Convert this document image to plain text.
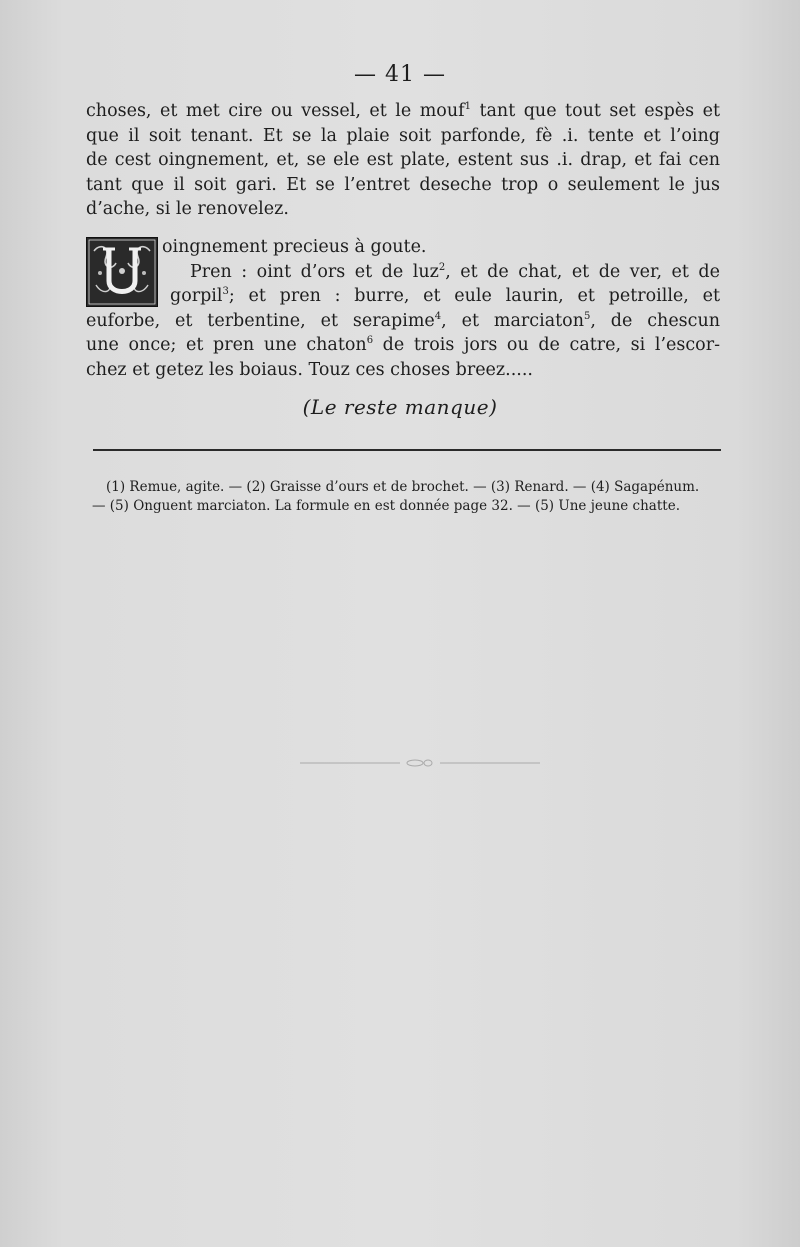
— 41 —
choses, et met cire ou vessel, et le mouf$^1$ tant que tout set espès et
que il soit tenant. Et se la plaie soit parfonde, fè .i. tente et l’oing
de cest oingnement, et, se ele est plate, estent sus .i. drap, et fai cen
tant que il soit gari. Et se l’entret deseche trop o seulement le jus
d’ache, si le renovelez.
oingnement precieus à goute.
Pren : oint d’ors et de luz$^2$, et de chat, et de ver, et de
gorpil$^3$; et pren : burre, et eule laurin, et petroille, et
euforbe, et terbentine, et serapime$^4$, et marciaton$^5$, de chescun
une once; et pren une chaton$^6$ de trois jors ou de catre, si l’escor-
chez et getez les boiaus. Touz ces choses breez.....
(Le reste manque)
(1) Remue, agite. — (2) Graisse d’ours et de brochet. — (3) Renard. — (4) Sagapénum.
— (5) Onguent marciaton. La formule en est donnée page 32. — (5) Une jeune chatte.
